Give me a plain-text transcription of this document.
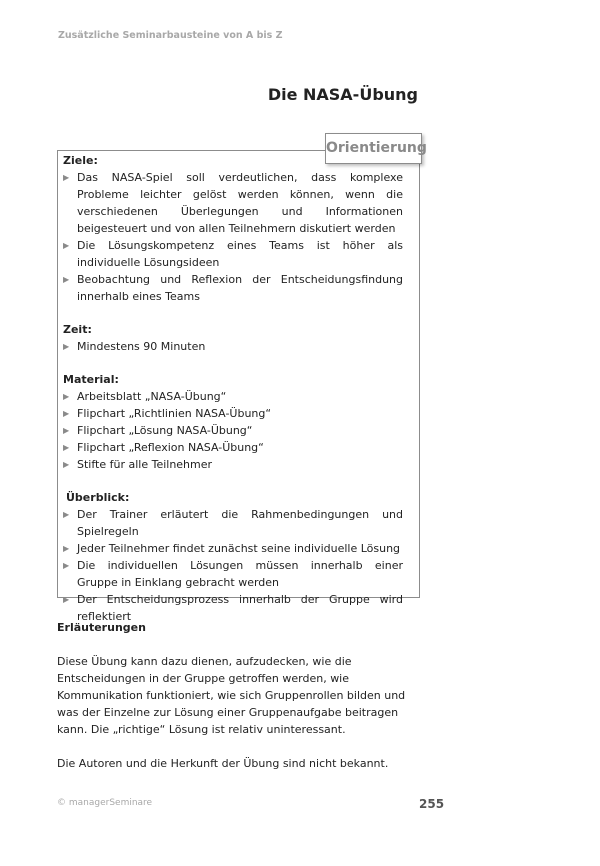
Zusätzliche Seminarbausteine von A bis Z
Die NASA-Übung
Orientierung

Ziele:

▶ Das NASA-Spiel soll verdeutlichen, dass komplexe Probleme leichter gelöst werden können, wenn die verschiedenen Überlegungen und Informationen beigesteuert und von allen Teilnehmern diskutiert werden
▶ Die Lösungskompetenz eines Teams ist höher als individuelle Lösungsideen
▶ Beobachtung und Reflexion der Entscheidungsfindung innerhalb eines Teams

Zeit:

▶ Mindestens 90 Minuten

Material:

▶ Arbeitsblatt „NASA-Übung“
▶ Flipchart „Richtlinien NASA-Übung“
▶ Flipchart „Lösung NASA-Übung“
▶ Flipchart „Reflexion NASA-Übung“
▶ Stifte für alle Teilnehmer

Überblick:

▶ Der Trainer erläutert die Rahmenbedingungen und Spielregeln
▶ Jeder Teilnehmer findet zunächst seine individuelle Lösung
▶ Die individuellen Lösungen müssen innerhalb einer Gruppe in Einklang gebracht werden
▶ Der Entscheidungsprozess innerhalb der Gruppe wird reflektiert

Erläuterungen

Diese Übung kann dazu dienen, aufzudecken, wie die Entscheidungen in der Gruppe getroffen werden, wie Kommunikation funktioniert, wie sich Gruppenrollen bilden und was der Einzelne zur Lösung einer Gruppenaufgabe beitragen kann. Die „richtige“ Lösung ist relativ uninteressant.

Die Autoren und die Herkunft der Übung sind nicht bekannt.

© managerSeminare	255
